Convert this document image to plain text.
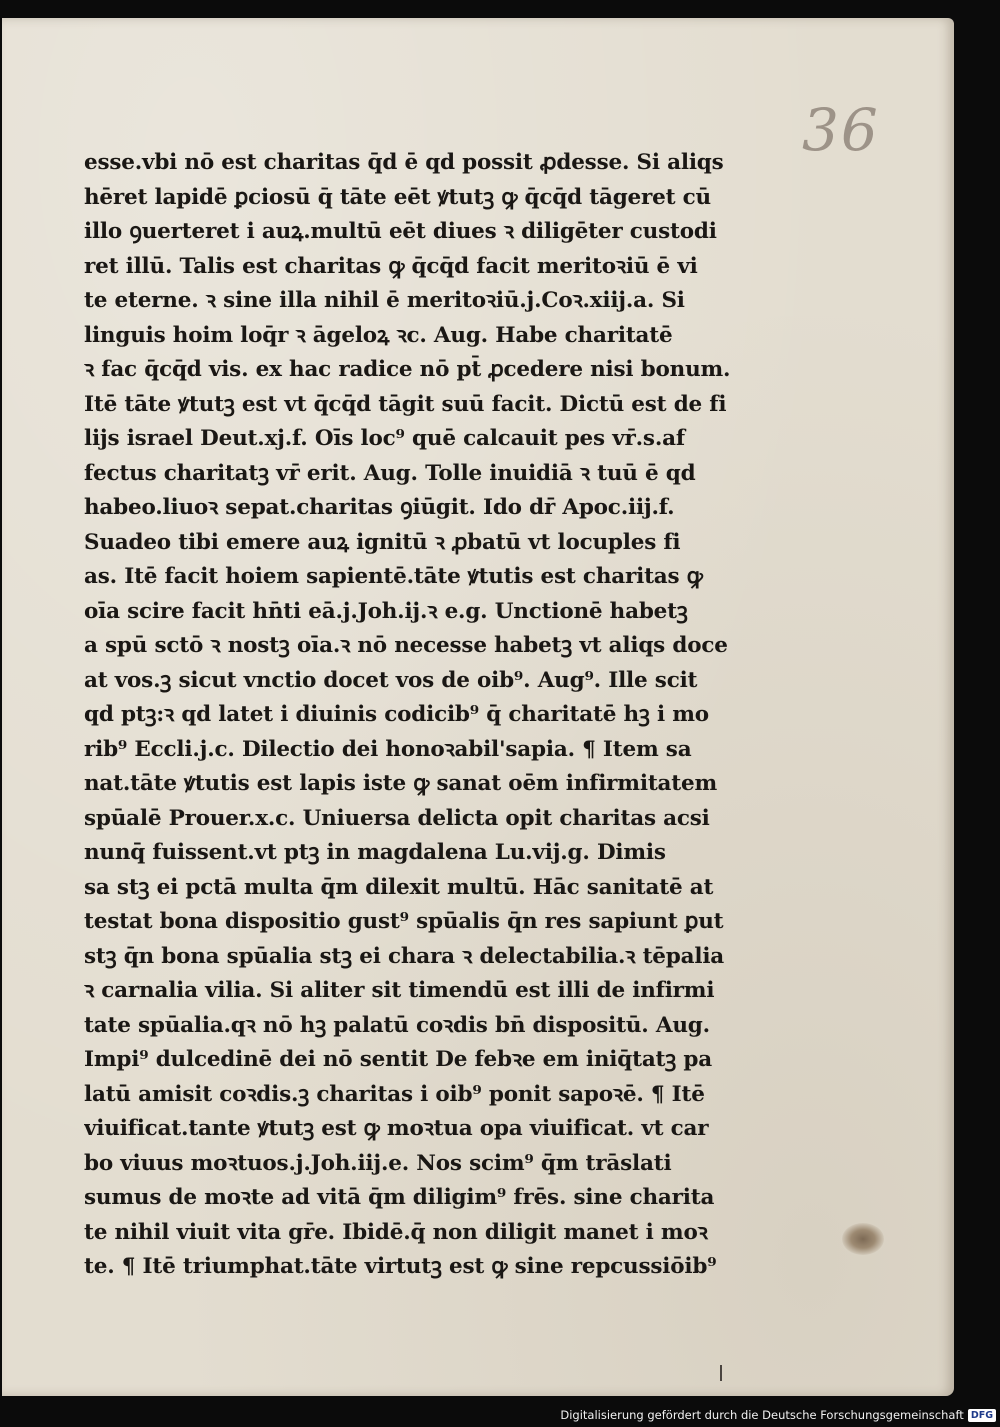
36
esse.vbi nō est charitas q̄d ē qd possit ꝓdesse. Si aliqs
hēret lapidē ꝑciosū q̄ tāte eēt ꝟtutꝫ ꝙ q̄cq̄d tāgeret cū
illo ꝯuerteret i auꝝ.multū eēt diues ꝛ diligēter custodi
ret illū. Talis est charitas ꝙ q̄cq̄d facit meritoꝛiū ē vi
te eterne. ꝛ sine illa nihil ē meritoꝛiū.j.Coꝛ.xiij.a. Si
linguis hoim loq̄r ꝛ āgeloꝝ ꝛc. Aug. Habe charitatē
ꝛ fac q̄cq̄d vis. ex hac radice nō pt̄ ꝓcedere nisi bonum.
Itē tāte ꝟtutꝫ est vt q̄cq̄d tāgit suū facit. Dictū est de fi
lijs israel Deut.xj.f. Oīs loc⁹ quē calcauit pes vr̄.s.af
fectus charitatꝫ vr̄ erit. Aug. Tolle inuidiā ꝛ tuū ē qd
habeo.liuoꝛ sepat.charitas ꝯiūgit. Ido dr̄ Apoc.iij.f.
Suadeo tibi emere auꝝ ignitū ꝛ ꝓbatū vt locuples fi
as. Itē facit hoiem sapientē.tāte ꝟtutis est charitas ꝙ
oīa scire facit hn̄ti eā.j.Joh.ij.ꝛ e.g. Unctionē habetꝫ
a spū sctō ꝛ nostꝫ oīa.ꝛ nō necesse habetꝫ vt aliqs doce
at vos.ꝫ sicut vnctio docet vos de oib⁹. Aug⁹. Ille scit
qd ptꝫ:ꝛ qd latet i diuinis codicib⁹ q̄ charitatē hꝫ i mo
rib⁹ Eccli.j.c. Dilectio dei honoꝛabil'sapia. ¶ Item sa
nat.tāte ꝟtutis est lapis iste ꝙ sanat oēm infirmitatem
spūalē Prouer.x.c. Uniuersa delicta opit charitas acsi
nunq̄ fuissent.vt ptꝫ in magdalena Lu.vij.g. Dimis
sa stꝫ ei pctā multa q̄m dilexit multū. Hāc sanitatē at
testat bona dispositio gust⁹ spūalis q̄n res sapiunt ꝑut
stꝫ q̄n bona spūalia stꝫ ei chara ꝛ delectabilia.ꝛ tēpalia
ꝛ carnalia vilia. Si aliter sit timendū est illi de infirmi
tate spūalia.qꝛ nō hꝫ palatū coꝛdis bn̄ dispositū. Aug.
Impi⁹ dulcedinē dei nō sentit De febꝛe em iniq̄tatꝫ pa
latū amisit coꝛdis.ꝫ charitas i oib⁹ ponit sapoꝛē. ¶ Itē
viuificat.tante ꝟtutꝫ est ꝙ moꝛtua opa viuificat. vt car
bo viuus moꝛtuos.j.Joh.iij.e. Nos scim⁹ q̄m trāslati
sumus de moꝛte ad vitā q̄m diligim⁹ frēs. sine charita
te nihil viuit vita gr̄e. Ibidē.q̄ non diligit manet i moꝛ
te. ¶ Itē triumphat.tāte virtutꝫ est ꝙ sine repcussiōib⁹
Digitalisierung gefördert durch die Deutsche Forschungsgemeinschaft DFG
